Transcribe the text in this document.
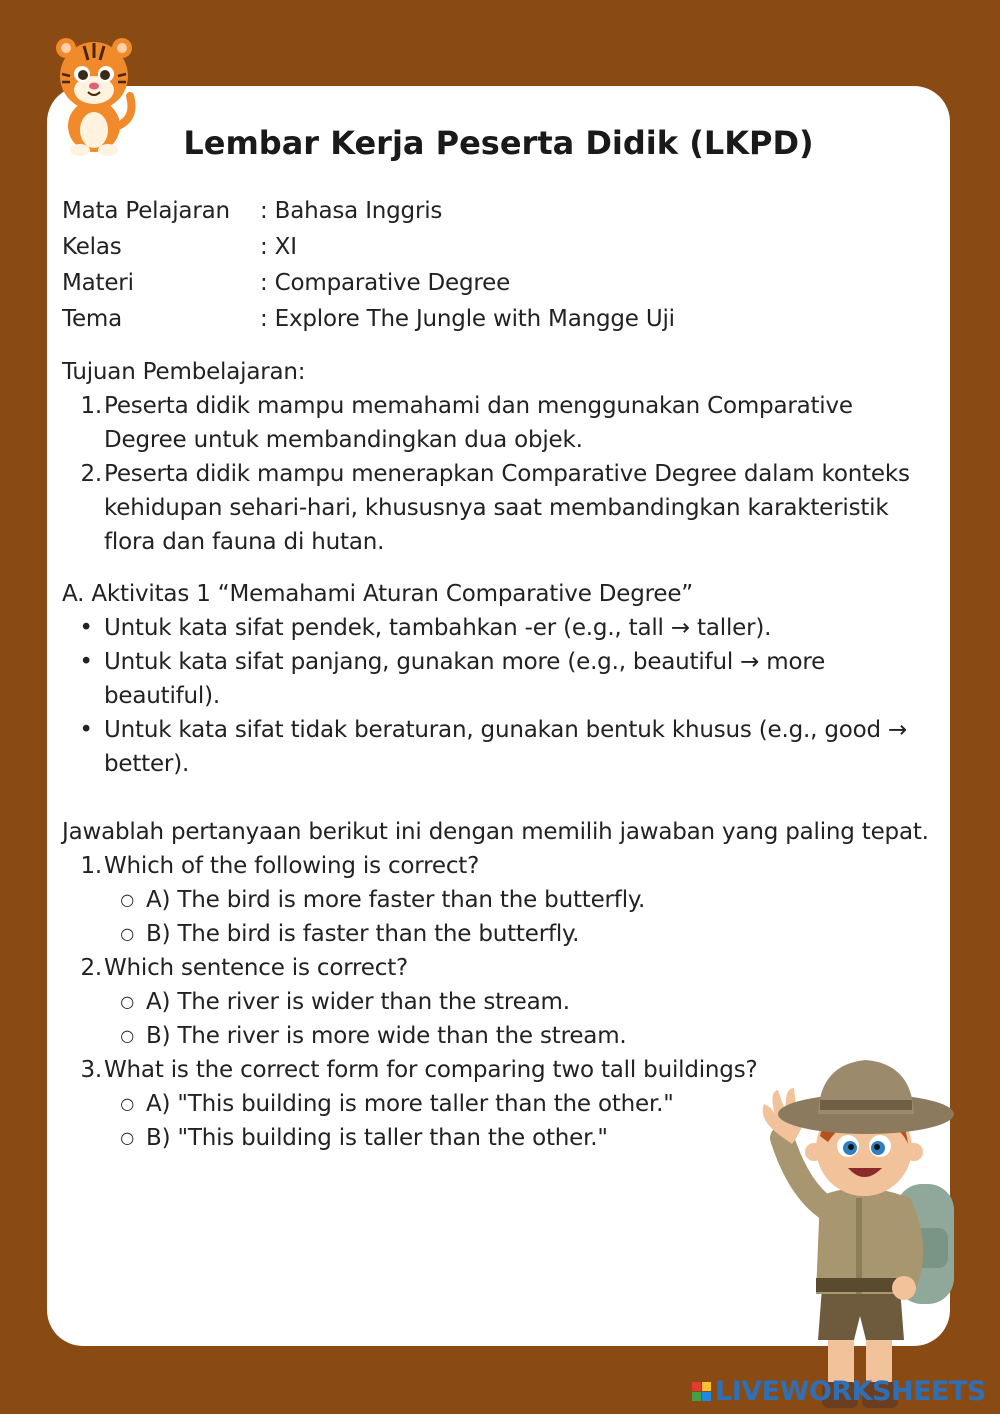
Lembar Kerja Peserta Didik (LKPD)
Mata Pelajaran	: Bahasa Inggris
Kelas	: XI
Materi	: Comparative Degree
Tema	: Explore The Jungle with Mangge Uji
Tujuan Pembelajaran:
1. Peserta didik mampu memahami dan menggunakan Comparative Degree untuk membandingkan dua objek.
2. Peserta didik mampu menerapkan Comparative Degree dalam konteks kehidupan sehari-hari, khususnya saat membandingkan karakteristik flora dan fauna di hutan.
A. Aktivitas 1 “Memahami Aturan Comparative Degree”
• Untuk kata sifat pendek, tambahkan -er (e.g., tall → taller).
• Untuk kata sifat panjang, gunakan more (e.g., beautiful → more beautiful).
• Untuk kata sifat tidak beraturan, gunakan bentuk khusus (e.g., good → better).
Jawablah pertanyaan berikut ini dengan memilih jawaban yang paling tepat.
1. Which of the following is correct?
○ A) The bird is more faster than the butterfly.
○ B) The bird is faster than the butterfly.
2. Which sentence is correct?
○ A) The river is wider than the stream.
○ B) The river is more wide than the stream.
3. What is the correct form for comparing two tall buildings?
○ A) "This building is more taller than the other."
○ B) "This building is taller than the other."
LIVEWORKSHEETS
